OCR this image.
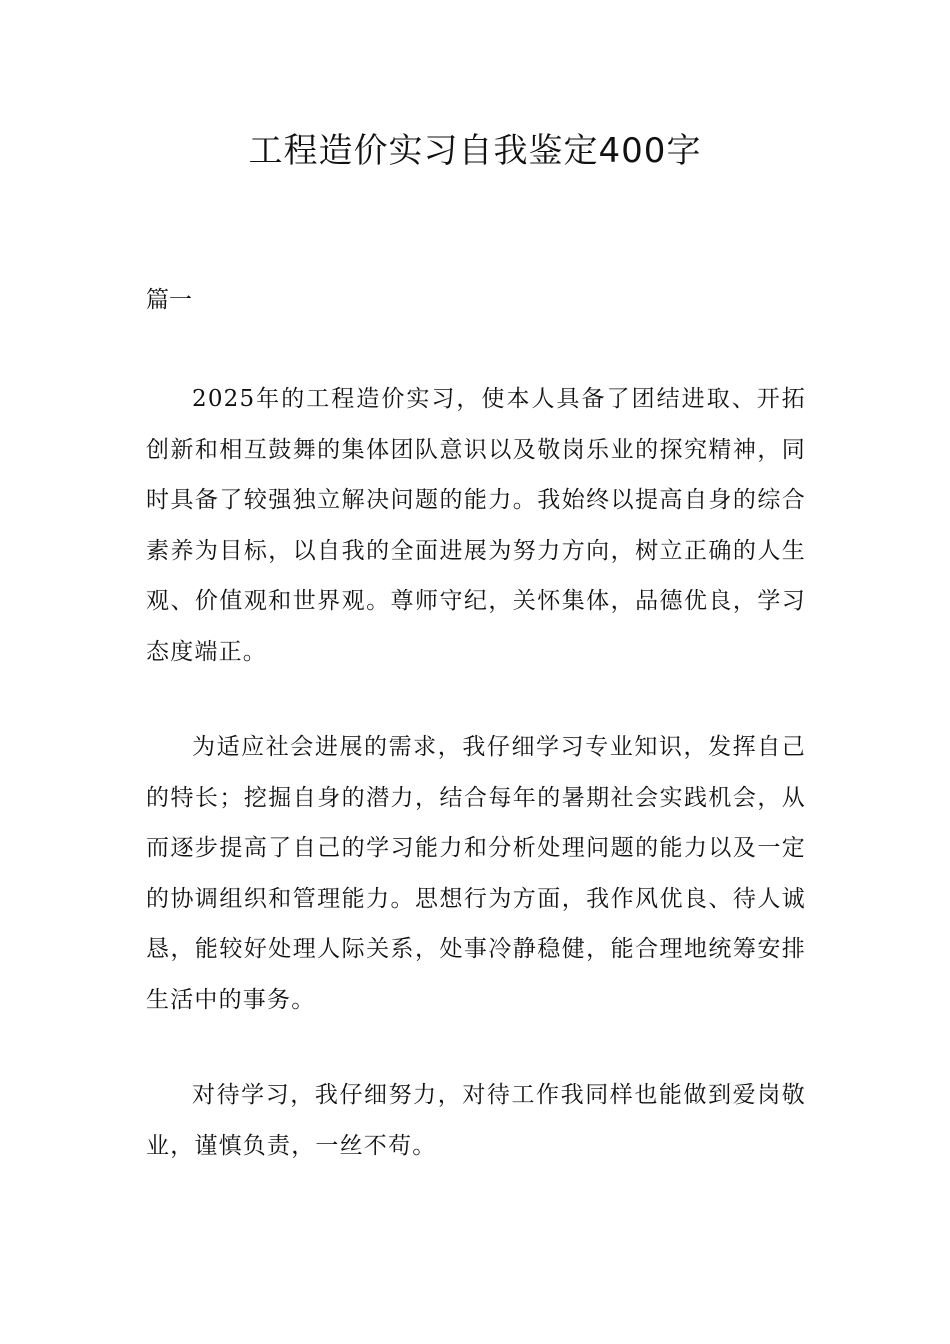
工程造价实习自我鉴定400字

篇一

2025年的工程造价实习，使本人具备了团结进取、开拓创新和相互鼓舞的集体团队意识以及敬岗乐业的探究精神，同时具备了较强独立解决问题的能力。我始终以提高自身的综合素养为目标，以自我的全面进展为努力方向，树立正确的人生观、价值观和世界观。尊师守纪，关怀集体，品德优良，学习态度端正。

为适应社会进展的需求，我仔细学习专业知识，发挥自己的特长；挖掘自身的潜力，结合每年的暑期社会实践机会，从而逐步提高了自己的学习能力和分析处理问题的能力以及一定的协调组织和管理能力。思想行为方面，我作风优良、待人诚恳，能较好处理人际关系，处事冷静稳健，能合理地统筹安排生活中的事务。

对待学习，我仔细努力，对待工作我同样也能做到爱岗敬业，谨慎负责，一丝不苟。
